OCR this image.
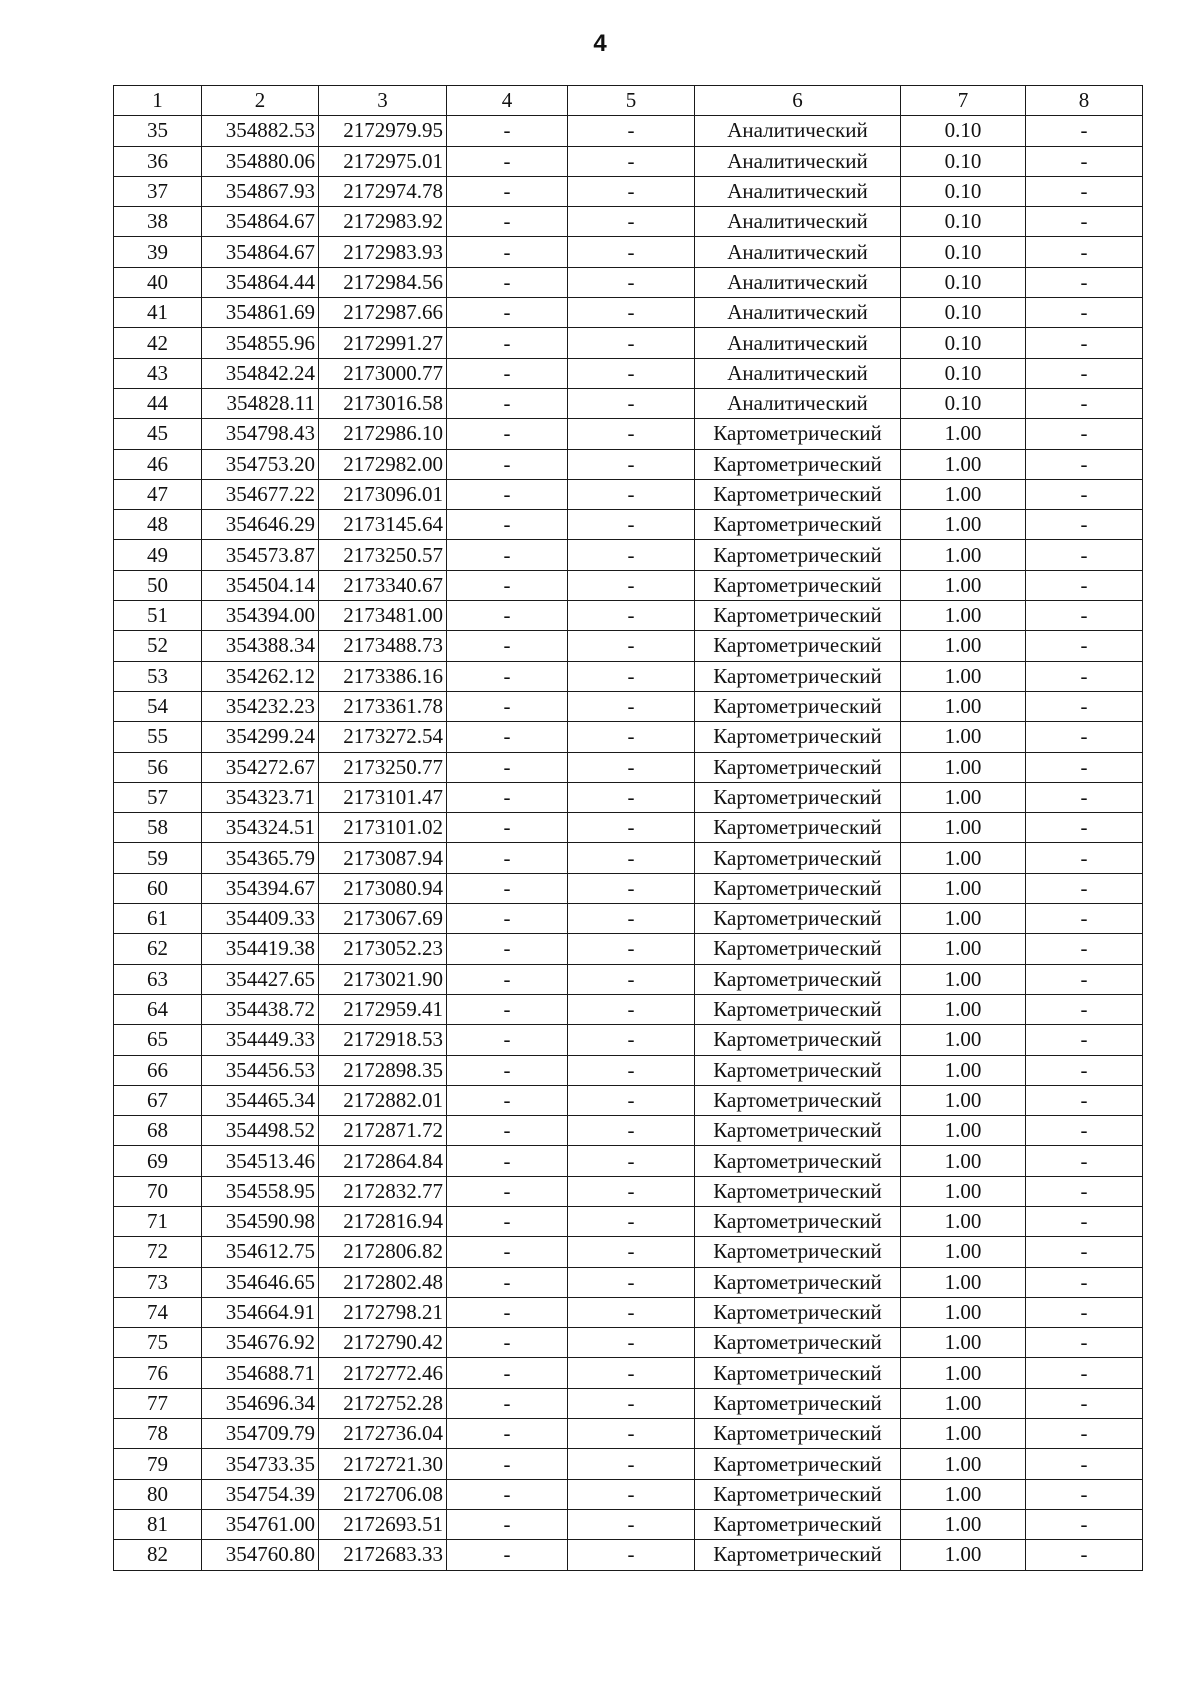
4
1	2	3	4	5	6	7	8
35	354882.53	2172979.95	-	-	Аналитический	0.10	-
36	354880.06	2172975.01	-	-	Аналитический	0.10	-
37	354867.93	2172974.78	-	-	Аналитический	0.10	-
38	354864.67	2172983.92	-	-	Аналитический	0.10	-
39	354864.67	2172983.93	-	-	Аналитический	0.10	-
40	354864.44	2172984.56	-	-	Аналитический	0.10	-
41	354861.69	2172987.66	-	-	Аналитический	0.10	-
42	354855.96	2172991.27	-	-	Аналитический	0.10	-
43	354842.24	2173000.77	-	-	Аналитический	0.10	-
44	354828.11	2173016.58	-	-	Аналитический	0.10	-
45	354798.43	2172986.10	-	-	Картометрический	1.00	-
46	354753.20	2172982.00	-	-	Картометрический	1.00	-
47	354677.22	2173096.01	-	-	Картометрический	1.00	-
48	354646.29	2173145.64	-	-	Картометрический	1.00	-
49	354573.87	2173250.57	-	-	Картометрический	1.00	-
50	354504.14	2173340.67	-	-	Картометрический	1.00	-
51	354394.00	2173481.00	-	-	Картометрический	1.00	-
52	354388.34	2173488.73	-	-	Картометрический	1.00	-
53	354262.12	2173386.16	-	-	Картометрический	1.00	-
54	354232.23	2173361.78	-	-	Картометрический	1.00	-
55	354299.24	2173272.54	-	-	Картометрический	1.00	-
56	354272.67	2173250.77	-	-	Картометрический	1.00	-
57	354323.71	2173101.47	-	-	Картометрический	1.00	-
58	354324.51	2173101.02	-	-	Картометрический	1.00	-
59	354365.79	2173087.94	-	-	Картометрический	1.00	-
60	354394.67	2173080.94	-	-	Картометрический	1.00	-
61	354409.33	2173067.69	-	-	Картометрический	1.00	-
62	354419.38	2173052.23	-	-	Картометрический	1.00	-
63	354427.65	2173021.90	-	-	Картометрический	1.00	-
64	354438.72	2172959.41	-	-	Картометрический	1.00	-
65	354449.33	2172918.53	-	-	Картометрический	1.00	-
66	354456.53	2172898.35	-	-	Картометрический	1.00	-
67	354465.34	2172882.01	-	-	Картометрический	1.00	-
68	354498.52	2172871.72	-	-	Картометрический	1.00	-
69	354513.46	2172864.84	-	-	Картометрический	1.00	-
70	354558.95	2172832.77	-	-	Картометрический	1.00	-
71	354590.98	2172816.94	-	-	Картометрический	1.00	-
72	354612.75	2172806.82	-	-	Картометрический	1.00	-
73	354646.65	2172802.48	-	-	Картометрический	1.00	-
74	354664.91	2172798.21	-	-	Картометрический	1.00	-
75	354676.92	2172790.42	-	-	Картометрический	1.00	-
76	354688.71	2172772.46	-	-	Картометрический	1.00	-
77	354696.34	2172752.28	-	-	Картометрический	1.00	-
78	354709.79	2172736.04	-	-	Картометрический	1.00	-
79	354733.35	2172721.30	-	-	Картометрический	1.00	-
80	354754.39	2172706.08	-	-	Картометрический	1.00	-
81	354761.00	2172693.51	-	-	Картометрический	1.00	-
82	354760.80	2172683.33	-	-	Картометрический	1.00	-
